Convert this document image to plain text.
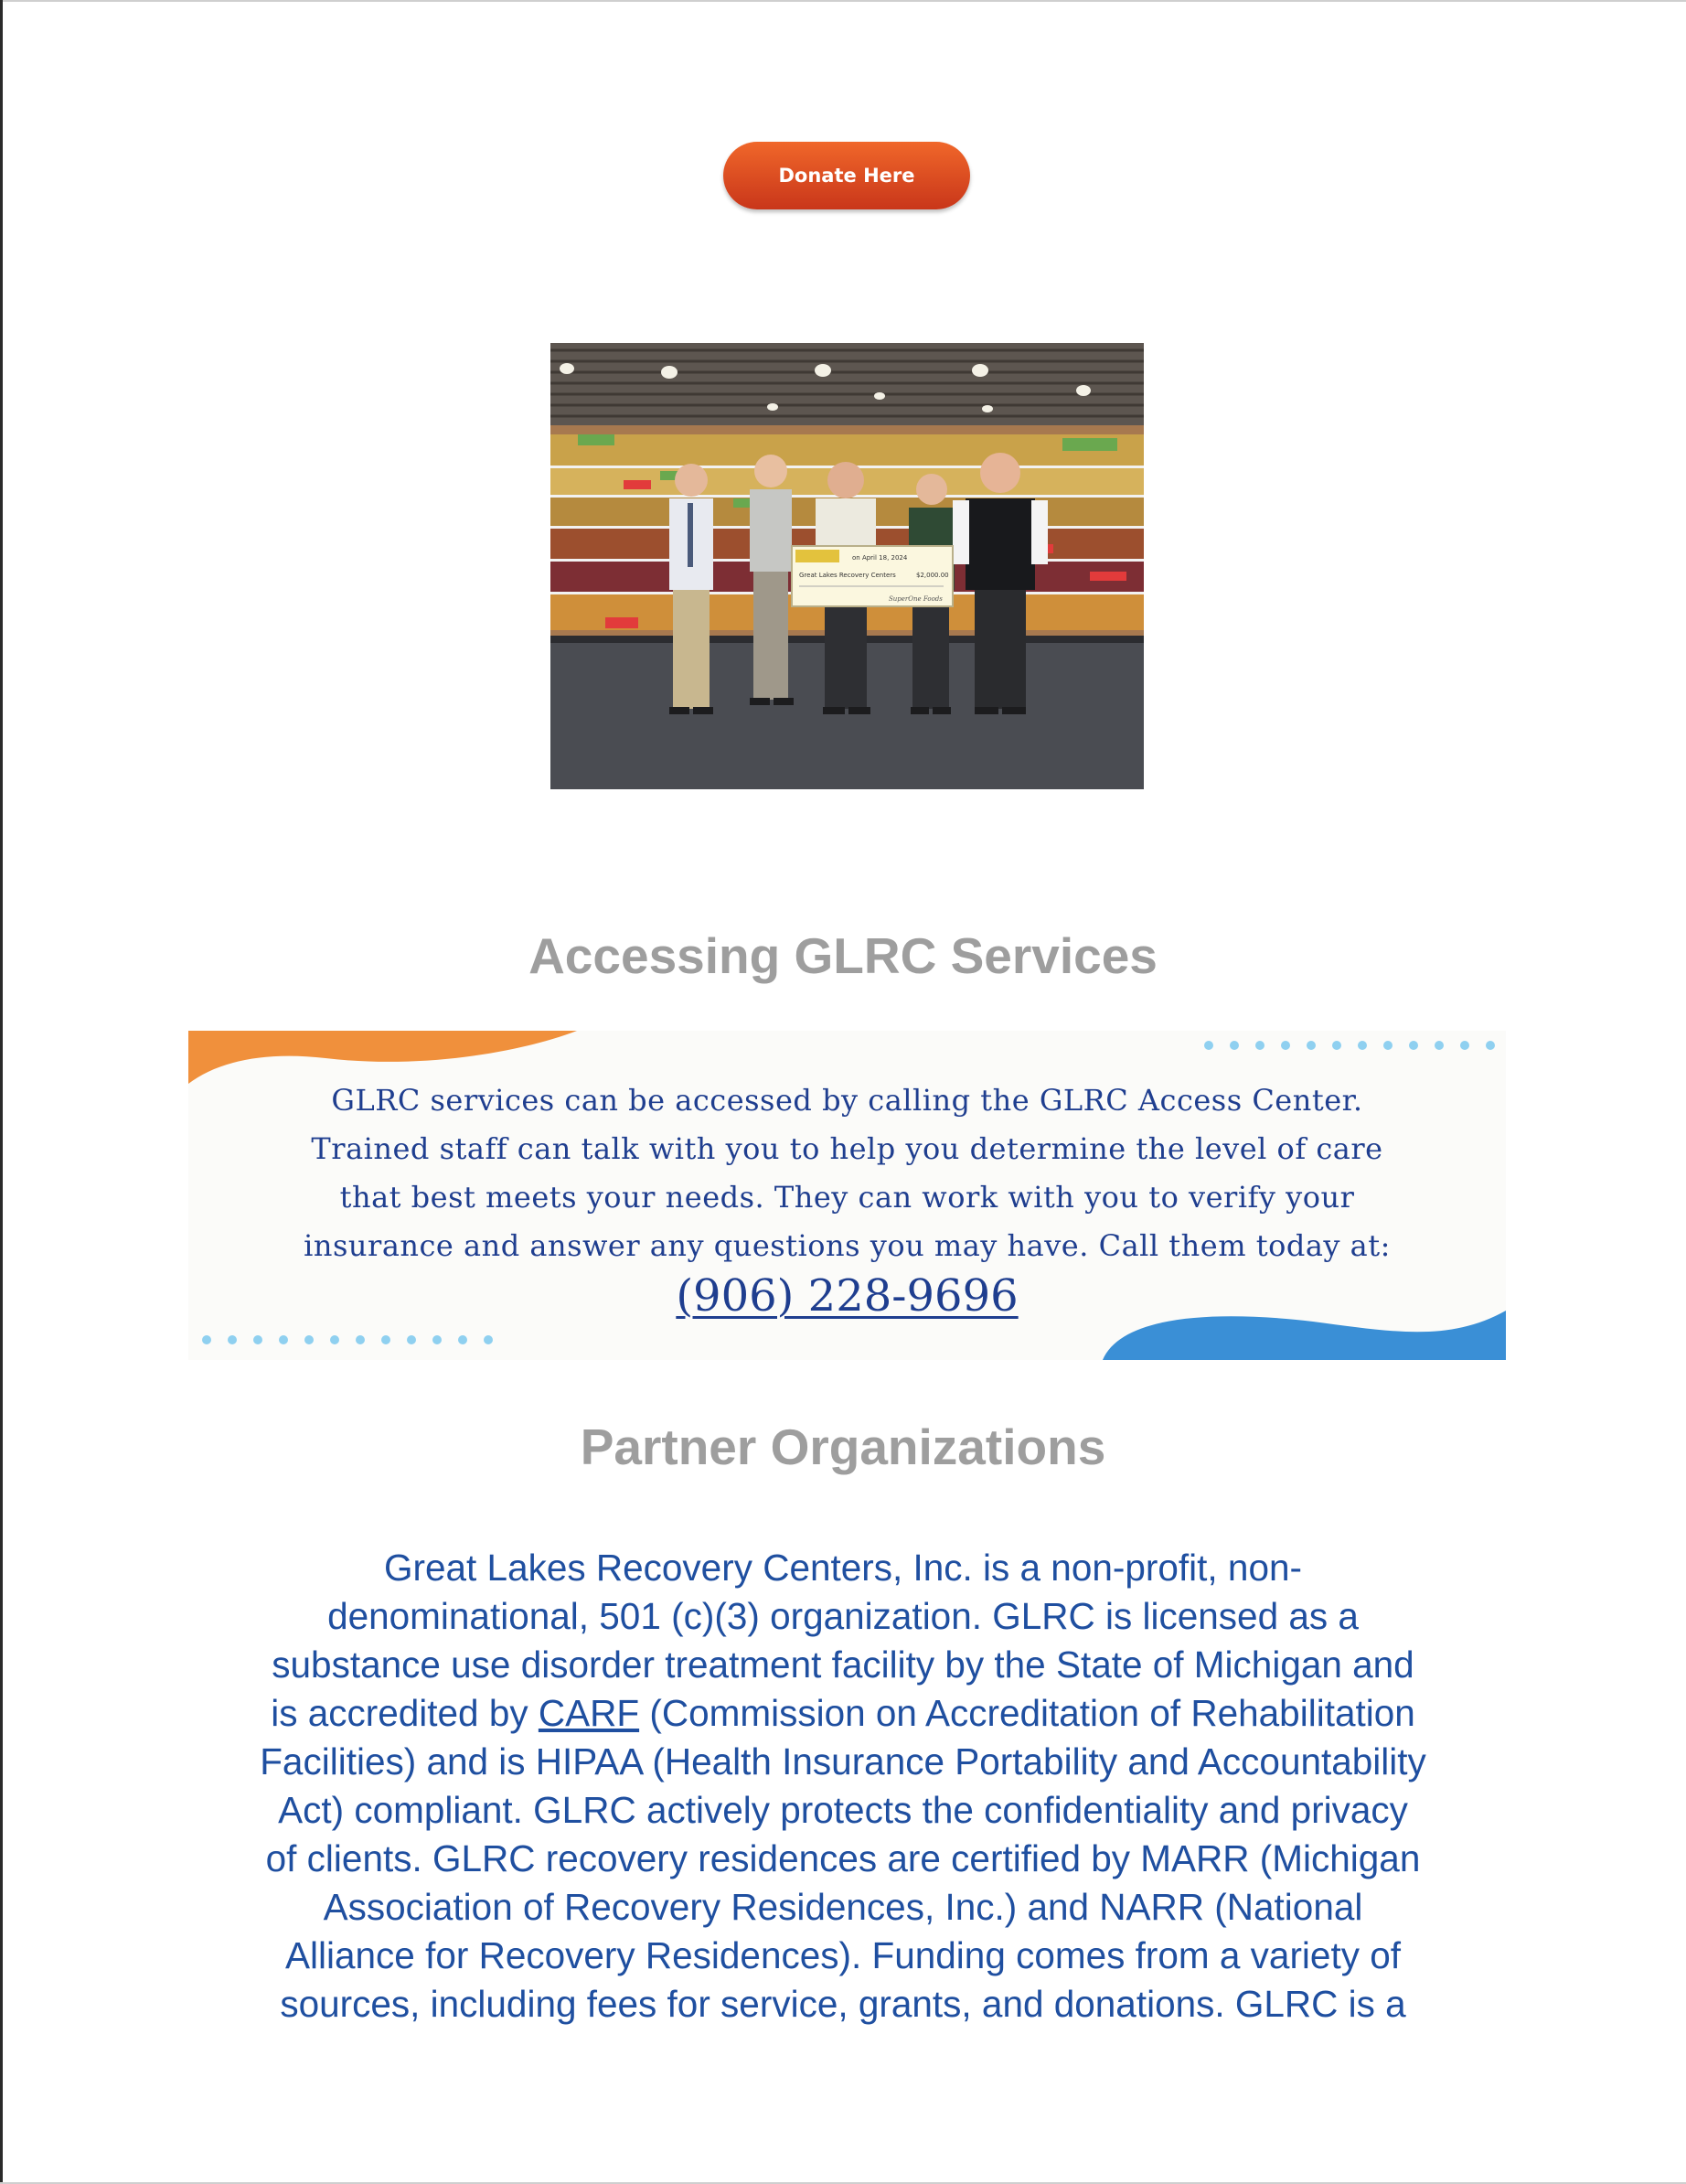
Donate Here
on April 18, 2024
Great Lakes Recovery Centers	$2,000.00
SuperOne Foods
Accessing GLRC Services

GLRC services can be accessed by calling the GLRC Access Center.

Trained staff can talk with you to help you determine the level of care

that best meets your needs. They can work with you to verify your

insurance and answer any questions you may have. Call them today at:

(906) 228-9696
Partner Organizations

Great Lakes Recovery Centers, Inc. is a non-profit, non-

denominational, 501 (c)(3) organization. GLRC is licensed as a

substance use disorder treatment facility by the State of Michigan and

is accredited by CARF (Commission on Accreditation of Rehabilitation

Facilities) and is HIPAA (Health Insurance Portability and Accountability

Act) compliant. GLRC actively protects the confidentiality and privacy

of clients. GLRC recovery residences are certified by MARR (Michigan

Association of Recovery Residences, Inc.) and NARR (National

Alliance for Recovery Residences). Funding comes from a variety of

sources, including fees for service, grants, and donations. GLRC is a
